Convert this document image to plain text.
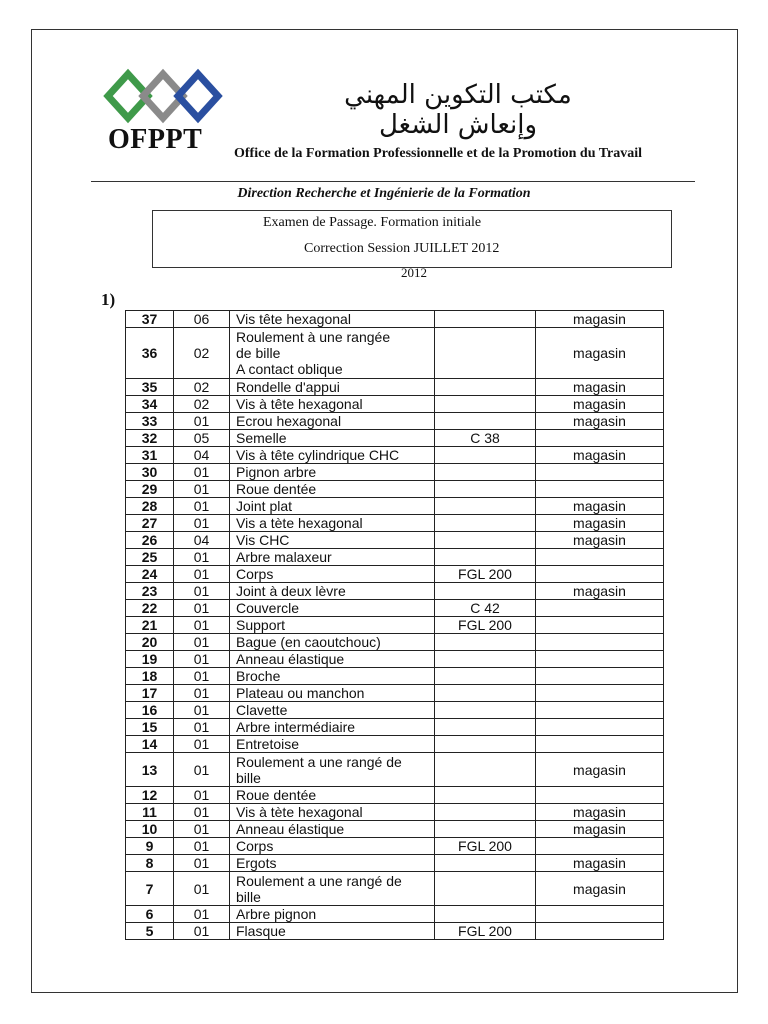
OFPPT
مكتب التكوين المهني وإنعاش الشغل
Office de la Formation Professionnelle et de la Promotion du Travail
Direction Recherche et Ingénierie de la Formation
Examen de Passage. Formation initiale
Correction Session JUILLET 2012
2012
1)
37	06	Vis tête hexagonal		magasin
36	02	Roulement à une rangée
de bille
A contact oblique		magasin
35	02	Rondelle d'appui		magasin
34	02	Vis à tête hexagonal		magasin
33	01	Ecrou hexagonal		magasin
32	05	Semelle	C 38	
31	04	Vis à tête cylindrique CHC		magasin
30	01	Pignon arbre		

29	01	Roue dentée		

28	01	Joint plat		magasin
27	01	Vis a tète hexagonal		magasin
26	04	Vis CHC		magasin
25	01	Arbre malaxeur		

24	01	Corps	FGL 200	
23	01	Joint à deux lèvre		magasin
22	01	Couvercle	C 42	
21	01	Support	FGL 200	
20	01	Bague (en caoutchouc)		

19	01	Anneau élastique		

18	01	Broche		

17	01	Plateau ou manchon		

16	01	Clavette		

15	01	Arbre intermédiaire		

14	01	Entretoise		

13	01	Roulement a une rangé de
bille		magasin
12	01	Roue dentée		

11	01	Vis à tète hexagonal		magasin
10	01	Anneau élastique		magasin
9	01	Corps	FGL 200	
8	01	Ergots		magasin
7	01	Roulement a une rangé de
bille		magasin
6	01	Arbre pignon		

5	01	Flasque	FGL 200	
